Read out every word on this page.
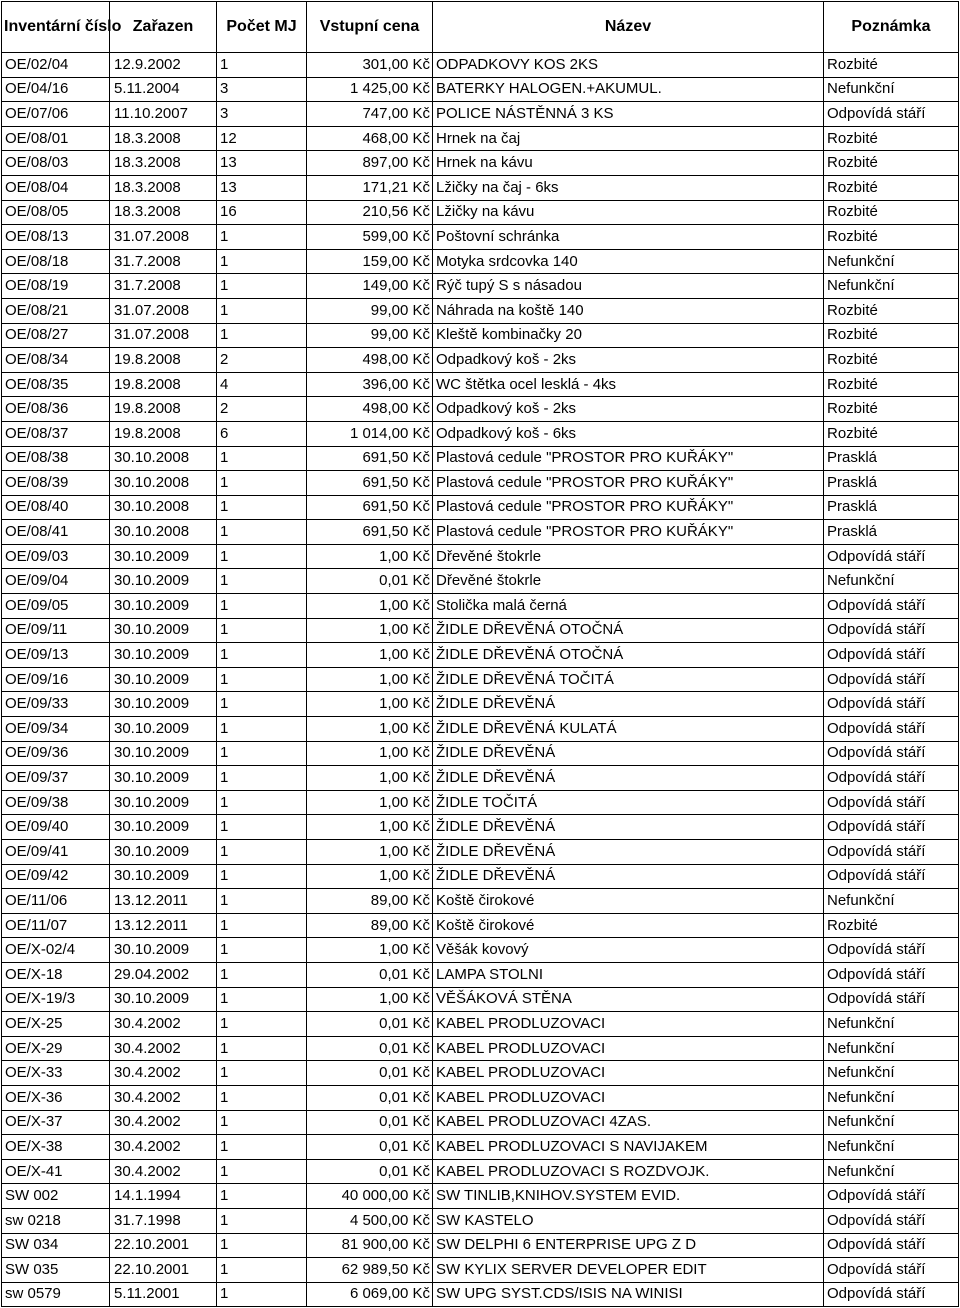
Inventární číslo	Zařazen	Počet MJ	Vstupní cena	Název	Poznámka
OE/02/04	12.9.2002	1	301,00 Kč	ODPADKOVY KOS 2KS	Rozbité
OE/04/16	5.11.2004	3	1 425,00 Kč	BATERKY HALOGEN.+AKUMUL.	Nefunkční
OE/07/06	11.10.2007	3	747,00 Kč	POLICE NÁSTĚNNÁ 3 KS	Odpovídá stáří
OE/08/01	18.3.2008	12	468,00 Kč	Hrnek na čaj	Rozbité
OE/08/03	18.3.2008	13	897,00 Kč	Hrnek na kávu	Rozbité
OE/08/04	18.3.2008	13	171,21 Kč	Lžičky na čaj - 6ks	Rozbité
OE/08/05	18.3.2008	16	210,56 Kč	Lžičky na kávu	Rozbité
OE/08/13	31.07.2008	1	599,00 Kč	Poštovní schránka	Rozbité
OE/08/18	31.7.2008	1	159,00 Kč	Motyka srdcovka 140	Nefunkční
OE/08/19	31.7.2008	1	149,00 Kč	Rýč tupý S s násadou	Nefunkční
OE/08/21	31.07.2008	1	99,00 Kč	Náhrada na koště 140	Rozbité
OE/08/27	31.07.2008	1	99,00 Kč	Kleště kombinačky 20	Rozbité
OE/08/34	19.8.2008	2	498,00 Kč	Odpadkový koš - 2ks	Rozbité
OE/08/35	19.8.2008	4	396,00 Kč	WC štětka ocel lesklá - 4ks	Rozbité
OE/08/36	19.8.2008	2	498,00 Kč	Odpadkový koš - 2ks	Rozbité
OE/08/37	19.8.2008	6	1 014,00 Kč	Odpadkový koš - 6ks	Rozbité
OE/08/38	30.10.2008	1	691,50 Kč	Plastová cedule "PROSTOR PRO KUŘÁKY"	Prasklá
OE/08/39	30.10.2008	1	691,50 Kč	Plastová cedule "PROSTOR PRO KUŘÁKY"	Prasklá
OE/08/40	30.10.2008	1	691,50 Kč	Plastová cedule "PROSTOR PRO KUŘÁKY"	Prasklá
OE/08/41	30.10.2008	1	691,50 Kč	Plastová cedule "PROSTOR PRO KUŘÁKY"	Prasklá
OE/09/03	30.10.2009	1	1,00 Kč	Dřevěné štokrle	Odpovídá stáří
OE/09/04	30.10.2009	1	0,01 Kč	Dřevěné štokrle	Nefunkční
OE/09/05	30.10.2009	1	1,00 Kč	Stolička malá černá	Odpovídá stáří
OE/09/11	30.10.2009	1	1,00 Kč	ŽIDLE DŘEVĚNÁ OTOČNÁ	Odpovídá stáří
OE/09/13	30.10.2009	1	1,00 Kč	ŽIDLE DŘEVĚNÁ OTOČNÁ	Odpovídá stáří
OE/09/16	30.10.2009	1	1,00 Kč	ŽIDLE DŘEVĚNÁ TOČITÁ	Odpovídá stáří
OE/09/33	30.10.2009	1	1,00 Kč	ŽIDLE DŘEVĚNÁ	Odpovídá stáří
OE/09/34	30.10.2009	1	1,00 Kč	ŽIDLE DŘEVĚNÁ KULATÁ	Odpovídá stáří
OE/09/36	30.10.2009	1	1,00 Kč	ŽIDLE DŘEVĚNÁ	Odpovídá stáří
OE/09/37	30.10.2009	1	1,00 Kč	ŽIDLE DŘEVĚNÁ	Odpovídá stáří
OE/09/38	30.10.2009	1	1,00 Kč	ŽIDLE TOČITÁ	Odpovídá stáří
OE/09/40	30.10.2009	1	1,00 Kč	ŽIDLE DŘEVĚNÁ	Odpovídá stáří
OE/09/41	30.10.2009	1	1,00 Kč	ŽIDLE DŘEVĚNÁ	Odpovídá stáří
OE/09/42	30.10.2009	1	1,00 Kč	ŽIDLE DŘEVĚNÁ	Odpovídá stáří
OE/11/06	13.12.2011	1	89,00 Kč	Koště čirokové	Nefunkční
OE/11/07	13.12.2011	1	89,00 Kč	Koště čirokové	Rozbité
OE/X-02/4	30.10.2009	1	1,00 Kč	Věšák kovový	Odpovídá stáří
OE/X-18	29.04.2002	1	0,01 Kč	LAMPA STOLNI	Odpovídá stáří
OE/X-19/3	30.10.2009	1	1,00 Kč	VĚŠÁKOVÁ STĚNA	Odpovídá stáří
OE/X-25	30.4.2002	1	0,01 Kč	KABEL PRODLUZOVACI	Nefunkční
OE/X-29	30.4.2002	1	0,01 Kč	KABEL PRODLUZOVACI	Nefunkční
OE/X-33	30.4.2002	1	0,01 Kč	KABEL PRODLUZOVACI	Nefunkční
OE/X-36	30.4.2002	1	0,01 Kč	KABEL PRODLUZOVACI	Nefunkční
OE/X-37	30.4.2002	1	0,01 Kč	KABEL PRODLUZOVACI 4ZAS.	Nefunkční
OE/X-38	30.4.2002	1	0,01 Kč	KABEL PRODLUZOVACI S NAVIJAKEM	Nefunkční
OE/X-41	30.4.2002	1	0,01 Kč	KABEL PRODLUZOVACI S ROZDVOJK.	Nefunkční
SW 002	14.1.1994	1	40 000,00 Kč	SW TINLIB,KNIHOV.SYSTEM EVID.	Odpovídá stáří
sw 0218	31.7.1998	1	4 500,00 Kč	SW KASTELO	Odpovídá stáří
SW 034	22.10.2001	1	81 900,00 Kč	SW DELPHI 6 ENTERPRISE UPG Z D	Odpovídá stáří
SW 035	22.10.2001	1	62 989,50 Kč	SW KYLIX SERVER DEVELOPER EDIT	Odpovídá stáří
sw 0579	5.11.2001	1	6 069,00 Kč	SW UPG SYST.CDS/ISIS NA WINISI	Odpovídá stáří
